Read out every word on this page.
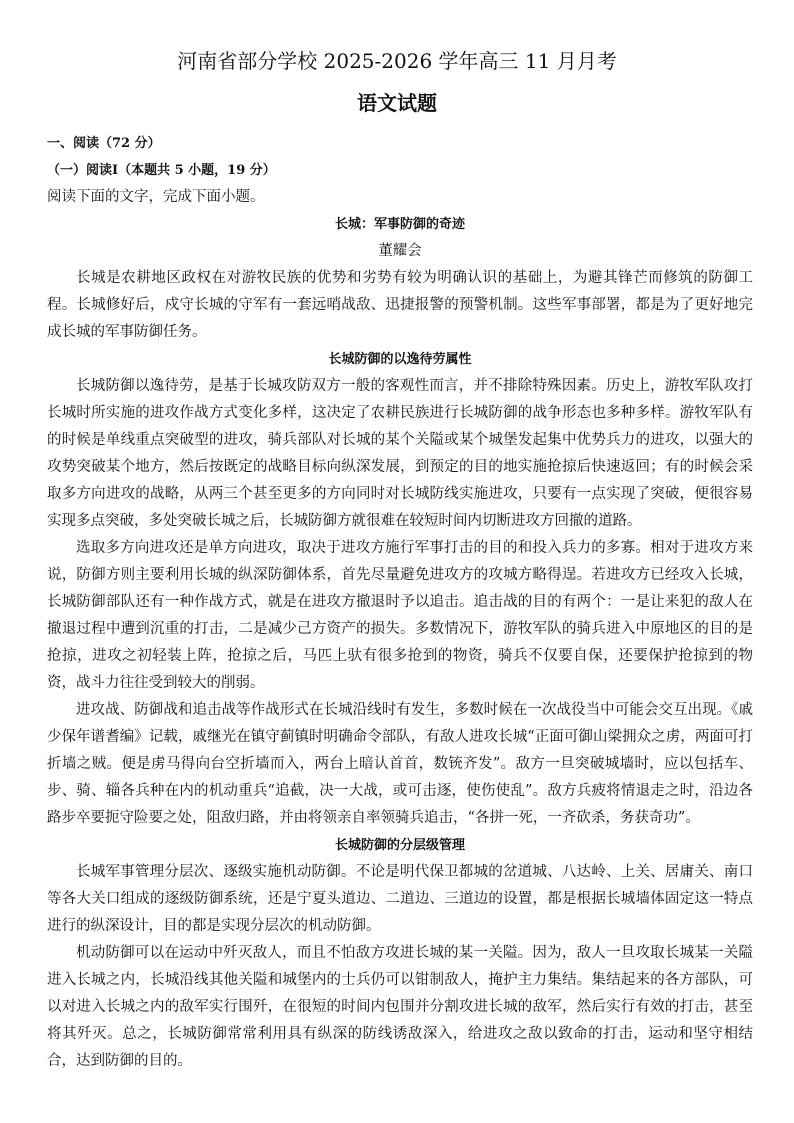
河南省部分学校 2025-2026 学年高三 11 月月考
语文试题

一、阅读（72 分）

（一）阅读Ⅰ（本题共 5 小题，19 分）

阅读下面的文字，完成下面小题。

长城：军事防御的奇迹

董耀会

长城是农耕地区政权在对游牧民族的优势和劣势有较为明确认识的基础上，为避其锋芒而修筑的防御工程。长城修好后，戍守长城的守军有一套远哨战敌、迅捷报警的预警机制。这些军事部署，都是为了更好地完成长城的军事防御任务。

长城防御的以逸待劳属性

长城防御以逸待劳，是基于长城攻防双方一般的客观性而言，并不排除特殊因素。历史上，游牧军队攻打长城时所实施的进攻作战方式变化多样，这决定了农耕民族进行长城防御的战争形态也多种多样。游牧军队有的时候是单线重点突破型的进攻，骑兵部队对长城的某个关隘或某个城堡发起集中优势兵力的进攻，以强大的攻势突破某个地方，然后按既定的战略目标向纵深发展，到预定的目的地实施抢掠后快速返回；有的时候会采取多方向进攻的战略，从两三个甚至更多的方向同时对长城防线实施进攻，只要有一点实现了突破，便很容易实现多点突破，多处突破长城之后，长城防御方就很难在较短时间内切断进攻方回撤的道路。

选取多方向进攻还是单方向进攻，取决于进攻方施行军事打击的目的和投入兵力的多寡。相对于进攻方来说，防御方则主要利用长城的纵深防御体系，首先尽量避免进攻方的攻城方略得逞。若进攻方已经攻入长城，长城防御部队还有一种作战方式，就是在进攻方撤退时予以追击。追击战的目的有两个：一是让来犯的敌人在撤退过程中遭到沉重的打击，二是减少己方资产的损失。多数情况下，游牧军队的骑兵进入中原地区的目的是抢掠，进攻之初轻装上阵，抢掠之后，马匹上驮有很多抢到的物资，骑兵不仅要自保，还要保护抢掠到的物资，战斗力往往受到较大的削弱。

进攻战、防御战和追击战等作战形式在长城沿线时有发生，多数时候在一次战役当中可能会交互出现。《戚少保年谱耆编》记载，戚继光在镇守蓟镇时明确命令部队，有敌人进攻长城“正面可御山梁拥众之虏，两面可打折墙之贼。便是虏马得向台空折墙而入，两台上暗认首首，数铳齐发”。敌方一旦突破城墙时，应以包括车、步、骑、辎各兵种在内的机动重兵“追截，决一大战，或可击逐，使伤使乱”。敌方兵疲将情退走之时，沿边各路步卒要扼守险要之处，阻敌归路，并由将领亲自率领骑兵追击，“各拼一死，一齐砍杀，务获奇功”。

长城防御的分层级管理

长城军事管理分层次、逐级实施机动防御。不论是明代保卫都城的岔道城、八达岭、上关、居庸关、南口等各大关口组成的逐级防御系统，还是宁夏头道边、二道边、三道边的设置，都是根据长城墙体固定这一特点进行的纵深设计，目的都是实现分层次的机动防御。

机动防御可以在运动中歼灭敌人，而且不怕敌方攻进长城的某一关隘。因为，敌人一旦攻取长城某一关隘进入长城之内，长城沿线其他关隘和城堡内的士兵仍可以钳制敌人，掩护主力集结。集结起来的各方部队，可以对进入长城之内的敌军实行围歼，在很短的时间内包围并分割攻进长城的敌军，然后实行有效的打击，甚至将其歼灭。总之，长城防御常常利用具有纵深的防线诱敌深入，给进攻之敌以致命的打击，运动和坚守相结合，达到防御的目的。
